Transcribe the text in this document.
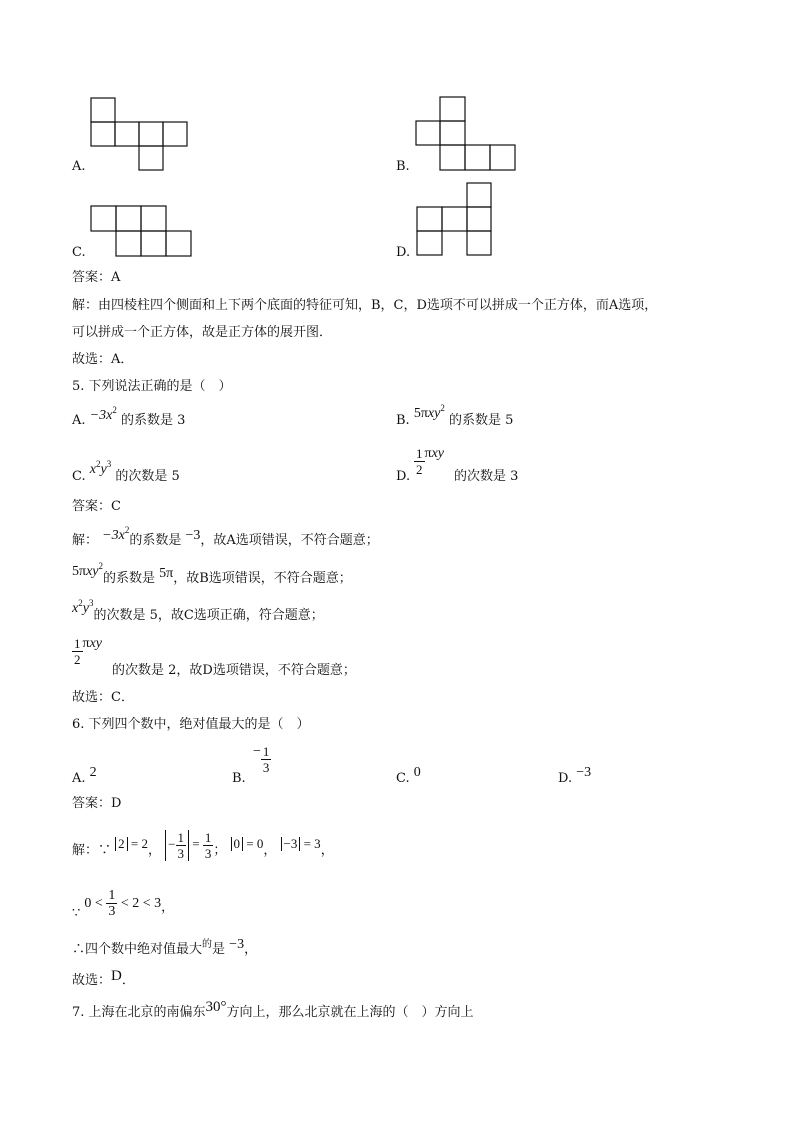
A.	B.
C.	D.
答案：A
解：由四棱柱四个侧面和上下两个底面的特征可知，B，C，D选项不可以拼成一个正方体，而A选项，
可以拼成一个正方体，故是正方体的展开图．
故选：A．
5. 下列说法正确的是（　）
A. $-3x^2$ 的系数是 3	B. 5πxy$^2$ 的系数是 5
C. $x^2y^3$ 的次数是 5	D. $\frac{1}{2}$ πxy
的次数是 3
答案：C
解： $-3x^2$的系数是 −3，故A选项错误，不符合题意；
5πxy$^2$的系数是 5π，故B选项错误，不符合题意；
$x^2y^3$的次数是 5，故C选项正确，符合题意；
$\frac{1}{2}$ πxy
的次数是 2，故D选项错误，不符合题意；
故选：C．
6. 下列四个数中，绝对值最大的是（　）
A. 2	B.
− $\frac{1}{3}$
C. 0	D. −3
答案：D
解：∵ 2 = 2， − $\frac{1}{3} = \frac{1}{3}$ ； 0 = 0， −3 = 3，
∵ $0 < \frac{1}{3} < 2 < 3$，
∴四个数中绝对值最大$^的$是 −3，
故选：D．
7. 上海在北京的南偏东30°方向上，那么北京就在上海的（　）方向上
